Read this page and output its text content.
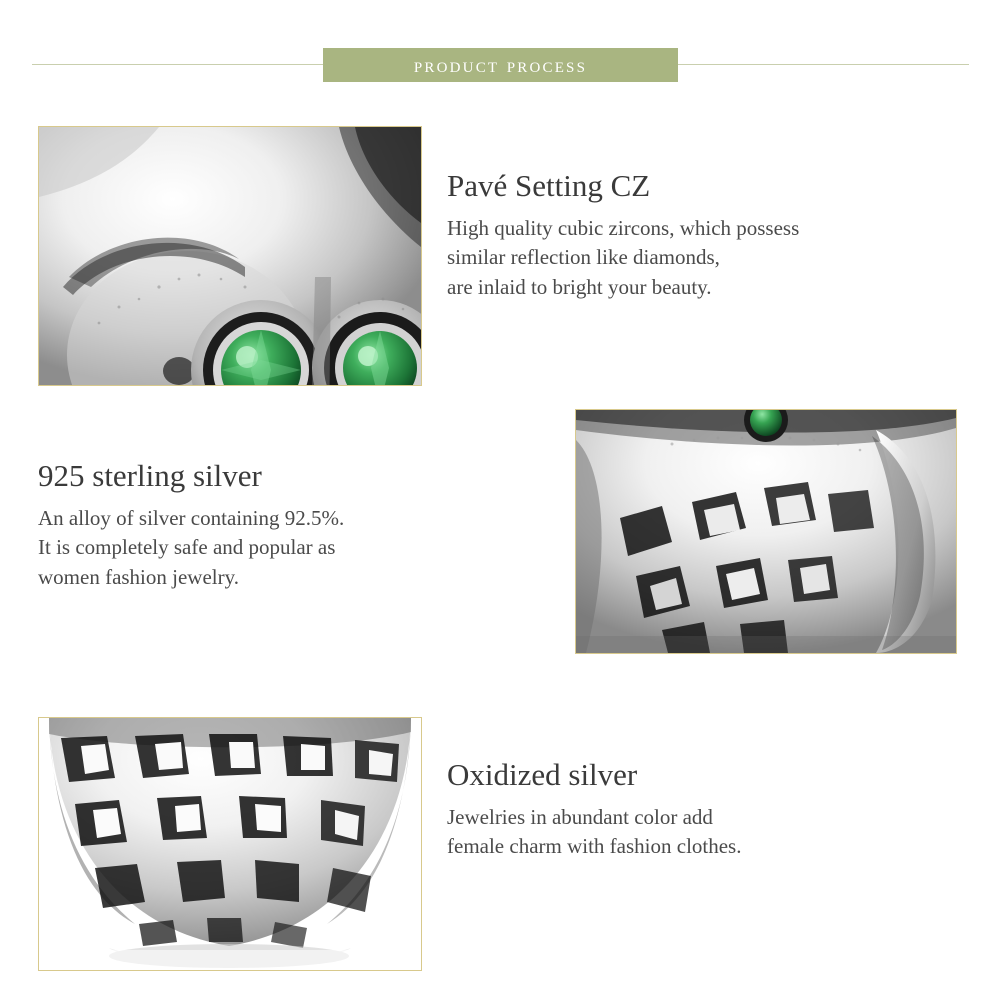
product process
Pavé Setting CZ
High quality cubic zircons, which possess
similar reflection like diamonds,
are inlaid to bright your beauty.
925 sterling silver
An alloy of silver containing 92.5%.
It is completely safe and popular as
women fashion jewelry.
Oxidized silver
Jewelries in abundant color add
female charm with fashion clothes.
